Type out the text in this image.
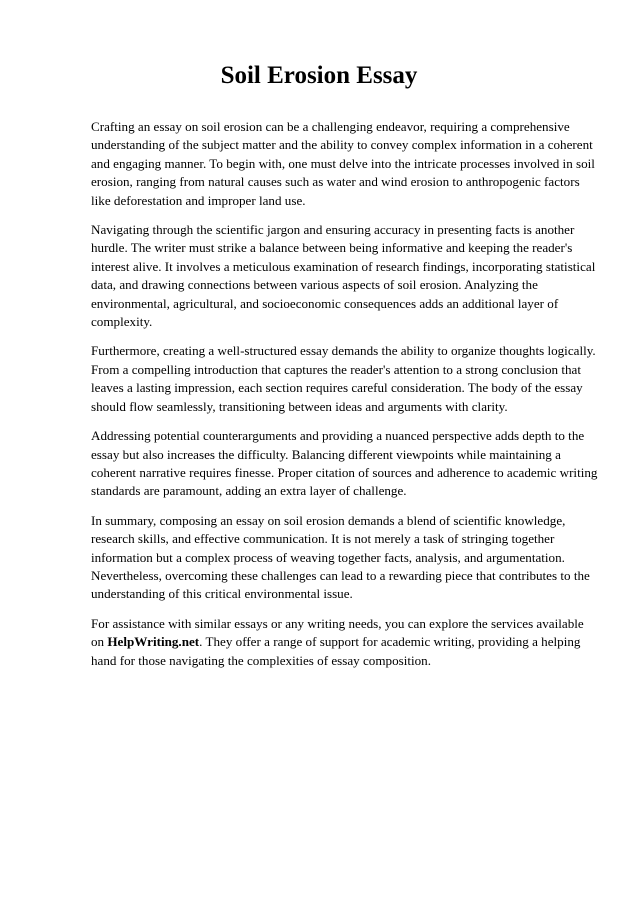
Soil Erosion Essay

Crafting an essay on soil erosion can be a challenging endeavor, requiring a comprehensive understanding of the subject matter and the ability to convey complex information in a coherent and engaging manner. To begin with, one must delve into the intricate processes involved in soil erosion, ranging from natural causes such as water and wind erosion to anthropogenic factors like deforestation and improper land use.

Navigating through the scientific jargon and ensuring accuracy in presenting facts is another hurdle. The writer must strike a balance between being informative and keeping the reader's interest alive. It involves a meticulous examination of research findings, incorporating statistical data, and drawing connections between various aspects of soil erosion. Analyzing the environmental, agricultural, and socioeconomic consequences adds an additional layer of complexity.

Furthermore, creating a well-structured essay demands the ability to organize thoughts logically. From a compelling introduction that captures the reader's attention to a strong conclusion that leaves a lasting impression, each section requires careful consideration. The body of the essay should flow seamlessly, transitioning between ideas and arguments with clarity.

Addressing potential counterarguments and providing a nuanced perspective adds depth to the essay but also increases the difficulty. Balancing different viewpoints while maintaining a coherent narrative requires finesse. Proper citation of sources and adherence to academic writing standards are paramount, adding an extra layer of challenge.

In summary, composing an essay on soil erosion demands a blend of scientific knowledge, research skills, and effective communication. It is not merely a task of stringing together information but a complex process of weaving together facts, analysis, and argumentation. Nevertheless, overcoming these challenges can lead to a rewarding piece that contributes to the understanding of this critical environmental issue.

For assistance with similar essays or any writing needs, you can explore the services available on HelpWriting.net. They offer a range of support for academic writing, providing a helping hand for those navigating the complexities of essay composition.
